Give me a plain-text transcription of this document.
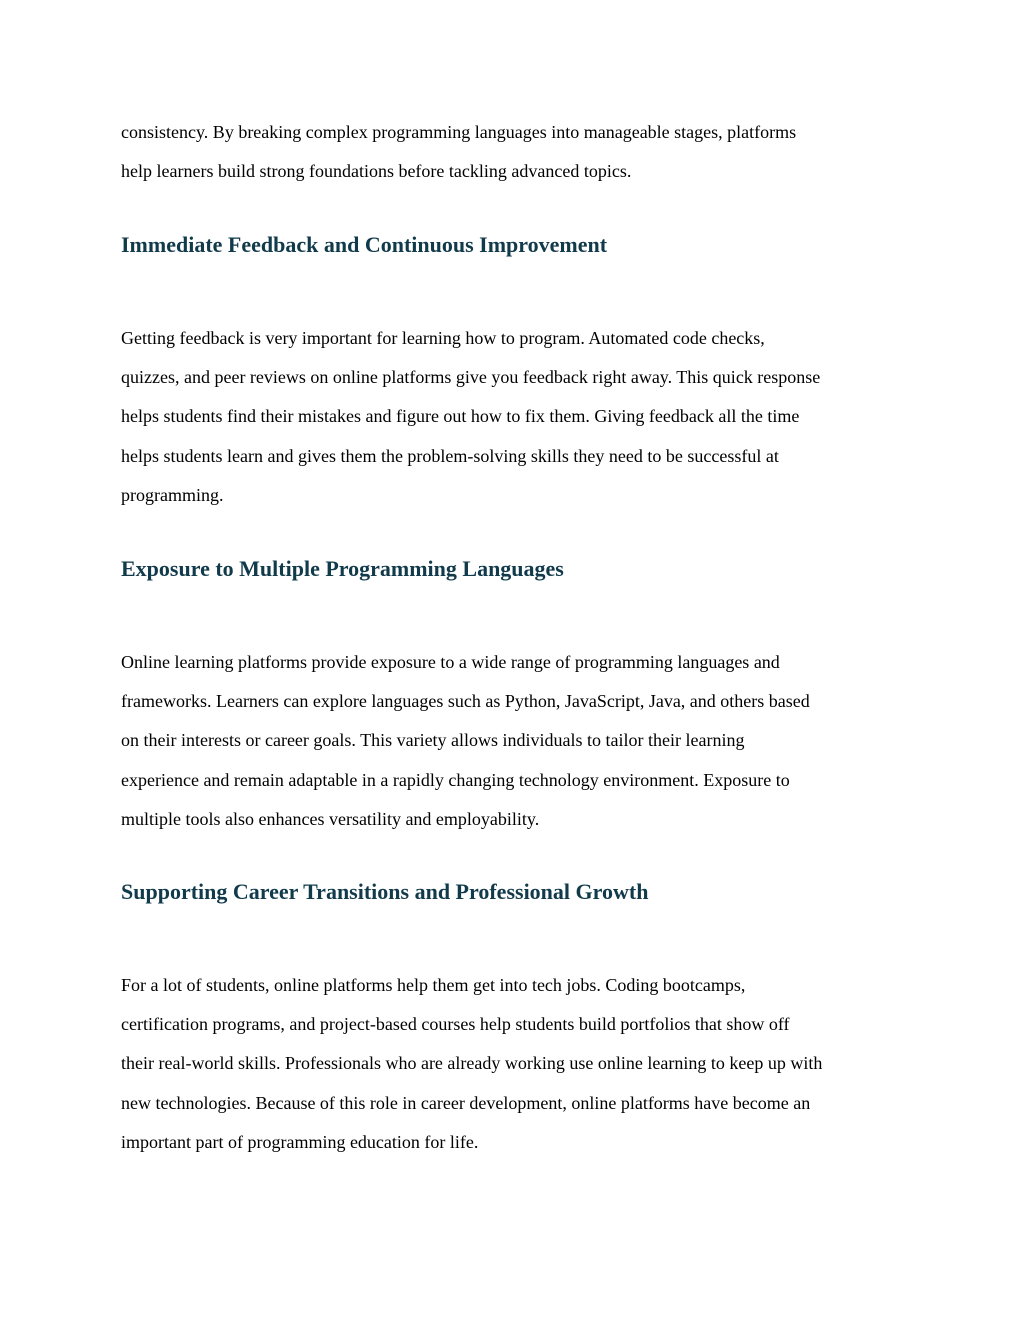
consistency. By breaking complex programming languages into manageable stages, platforms
help learners build strong foundations before tackling advanced topics.

Immediate Feedback and Continuous Improvement

Getting feedback is very important for learning how to program. Automated code checks,
quizzes, and peer reviews on online platforms give you feedback right away. This quick response
helps students find their mistakes and figure out how to fix them. Giving feedback all the time
helps students learn and gives them the problem-solving skills they need to be successful at
programming.

Exposure to Multiple Programming Languages

Online learning platforms provide exposure to a wide range of programming languages and
frameworks. Learners can explore languages such as Python, JavaScript, Java, and others based
on their interests or career goals. This variety allows individuals to tailor their learning
experience and remain adaptable in a rapidly changing technology environment. Exposure to
multiple tools also enhances versatility and employability.

Supporting Career Transitions and Professional Growth

For a lot of students, online platforms help them get into tech jobs. Coding bootcamps,
certification programs, and project-based courses help students build portfolios that show off
their real-world skills. Professionals who are already working use online learning to keep up with
new technologies. Because of this role in career development, online platforms have become an
important part of programming education for life.
